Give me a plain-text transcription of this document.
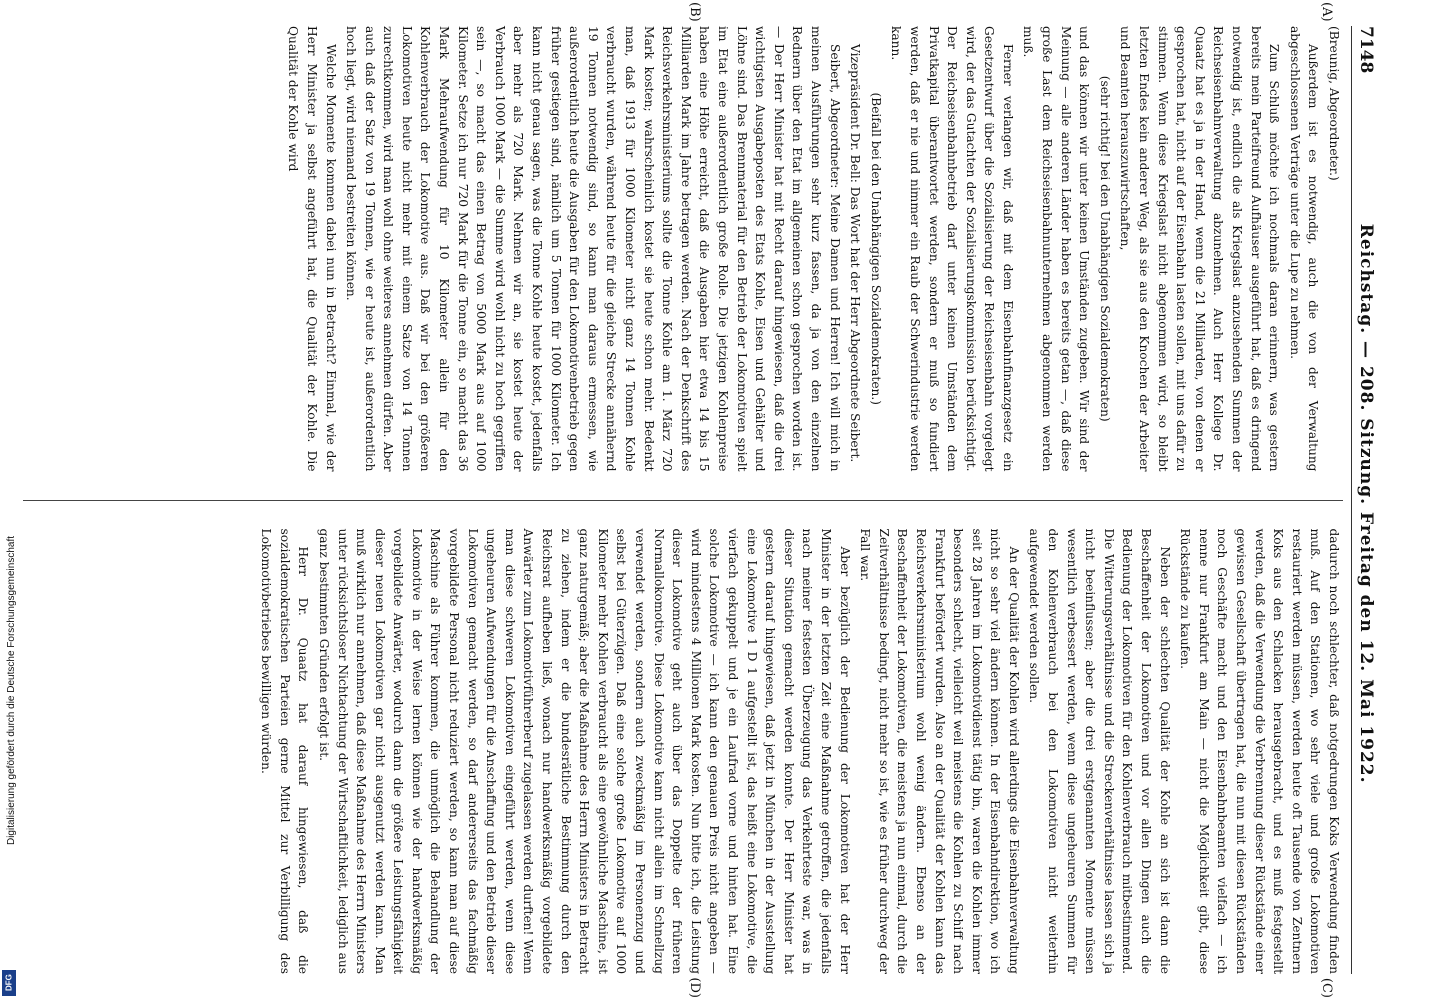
7148
Reichstag. — 208. Sitzung. Freitag den 12. Mai 1922.
(A)
(B)

(Breunig, Abgeordneter.)

Außerdem ist es notwendig, auch die von der Verwaltung abgeschlossenen Verträge unter die Lupe zu nehmen.

Zum Schluß möchte ich nochmals daran erinnern, was gestern bereits mein Parteifreund Aufhäuser ausgeführt hat, daß es dringend notwendig ist, endlich die als Kriegslast anzusehenden Summen der Reichseisenbahnverwaltung abzunehmen. Auch Herr Kollege Dr. Quaatz hat es ja in der Hand, wenn die 21 Milliarden, von denen er gesprochen hat, nicht auf der Eisenbahn lasten sollen, mit uns dafür zu stimmen. Wenn diese Kriegslast nicht abgenommen wird, so bleibt letzten Endes kein anderer Weg, als sie aus den Knochen der Arbeiter und Beamten herauszuwirtschaften,

(sehr richtig! bei den Unabhängigen Sozialdemokraten)

und das können wir unter keinen Umständen zugeben. Wir sind der Meinung — alle anderen Länder haben es bereits getan —, daß diese große Last dem Reichseisenbahnunternehmen abgenommen werden muß.

Ferner verlangen wir, daß mit dem Eisenbahnfinanzgesetz ein Gesetzentwurf über die Sozialisierung der Reichseisenbahn vorgelegt wird, der das Gutachten der Sozialisierungskommission berücksichtigt. Der Reichseisenbahnbetrieb darf unter keinen Umständen dem Privatkapital überantwortet werden, sondern er muß so fundiert werden, daß er nie und nimmer ein Raub der Schwerindustrie werden kann.

(Beifall bei den Unabhängigen Sozialdemokraten.)

Vizepräsident Dr. Bell: Das Wort hat der Herr Abgeordnete Seibert.

Seibert, Abgeordneter: Meine Damen und Herren! Ich will mich in meinen Ausführungen sehr kurz fassen, da ja von den einzelnen Rednern über den Etat im allgemeinen schon gesprochen worden ist. — Der Herr Minister hat mit Recht darauf hingewiesen, daß die drei wichtigsten Ausgabeposten des Etats Kohle, Eisen und Gehälter und Löhne sind. Das Brennmaterial für den Betrieb der Lokomotiven spielt im Etat eine außerordentlich große Rolle. Die jetzigen Kohlenpreise haben eine Höhe erreicht, daß die Ausgaben hier etwa 14 bis 15 Milliarden Mark im Jahre betragen werden. Nach der Denkschrift des Reichsverkehrsministeriums sollte die Tonne Kohle am 1. März 720 Mark kosten; wahrscheinlich kostet sie heute schon mehr. Bedenkt man, daß 1913 für 1000 Kilometer nicht ganz 14 Tonnen Kohle verbraucht wurden, während heute für die gleiche Strecke annähernd 19 Tonnen notwendig sind, so kann man daraus ermessen, wie außerordentlich heute die Ausgaben für den Lokomotivenbetrieb gegen früher gestiegen sind, nämlich um 5 Tonnen für 1000 Kilometer. Ich kann nicht genau sagen, was die Tonne Kohle heute kostet, jedenfalls aber mehr als 720 Mark. Nehmen wir an, sie kostet heute der Verbrauch 1000 Mark — die Summe wird wohl nicht zu hoch gegriffen sein —, so macht das einen Betrag von 5000 Mark aus auf 1000 Kilometer. Setze ich nur 720 Mark für die Tonne ein, so macht das 36 Mark Mehraufwendung für 10 Kilometer allein für den Kohlenverbrauch der Lokomotive aus. Daß wir bei den größeren Lokomotiven heute nicht mehr mit einem Satze von 14 Tonnen zurechtkommen, wird man wohl ohne weiteres annehmen dürfen. Aber auch daß der Satz von 19 Tonnen, wie er heute ist, außerordentlich hoch liegt, wird niemand bestreiten können.

Welche Momente kommen dabei nun in Betracht? Einmal, wie der Herr Minister ja selbst angeführt hat, die Qualität der Kohle. Die Qualität der Kohle wird

(C)
(D)

dadurch noch schlechter, daß notgedrungen Koks Verwendung finden muß. Auf den Stationen, wo sehr viele und große Lokomotiven restauriert werden müssen, werden heute oft Tausende von Zentnern Koks aus den Schlacken herausgebracht, und es muß festgestellt werden, daß die Verwendung die Verbrennung dieser Rückstände einer gewissen Gesellschaft übertragen hat, die nun mit diesen Rückständen noch Geschäfte macht und den Eisenbahnbeamten vielfach — ich nenne nur Frankfurt am Main — nicht die Möglichkeit gibt, diese Rückstände zu kaufen.

Neben der schlechten Qualität der Kohle an sich ist dann die Beschaffenheit der Lokomotiven und vor allen Dingen auch die Bedienung der Lokomotiven für den Kohlenverbrauch mitbestimmend. Die Witterungsverhältnisse und die Streckenverhältnisse lassen sich ja nicht beeinflussen; aber die drei erstgenannten Momente müssen wesentlich verbessert werden, wenn diese ungeheuren Summen für den Kohlenverbrauch bei den Lokomotiven nicht weiterhin aufgewendet werden sollen.

An der Qualität der Kohlen wird allerdings die Eisenbahnverwaltung nicht so sehr viel ändern können. In der Eisenbahndirektion, wo ich seit 28 Jahren im Lokomotivdienst tätig bin, waren die Kohlen immer besonders schlecht, vielleicht weil meistens die Kohlen zu Schiff nach Frankfurt befördert wurden. Also an der Qualität der Kohlen kann das Reichsverkehrsministerium wohl wenig ändern. Ebenso an der Beschaffenheit der Lokomotiven, die meistens ja nun einmal, durch die Zeitverhältnisse bedingt, nicht mehr so ist, wie es früher durchweg der Fall war.

Aber bezüglich der Bedienung der Lokomotiven hat der Herr Minister in der letzten Zeit eine Maßnahme getroffen, die jedenfalls nach meiner festesten Überzeugung das Verkehrteste war, was in dieser Situation gemacht werden konnte. Der Herr Minister hat gestern darauf hingewiesen, daß jetzt in München in der Ausstellung eine Lokomotive 1 D 1 aufgestellt ist, das heißt eine Lokomotive, die vierfach gekuppelt und je ein Laufrad vorne und hinten hat. Eine solche Lokomotive — ich kann den genauen Preis nicht angeben — wird mindestens 4 Millionen Mark kosten. Nun bitte ich, die Leistung dieser Lokomotive geht auch über das Doppelte der früheren Normallokomotive. Diese Lokomotive kann nicht allein im Schnellzug verwendet werden, sondern auch zweckmäßig im Personenzug und selbst bei Güterzügen. Daß eine solche große Lokomotive auf 1000 Kilometer mehr Kohlen verbraucht als eine gewöhnliche Maschine, ist ganz naturgemäß; aber die Maßnahme des Herrn Ministers in Betracht zu ziehen, indem er die bundesrätliche Bestimmung durch den Reichsrat aufheben ließ, wonach nur handwerksmäßig vorgebildete Anwärter zum Lokomotivführerberuf zugelassen werden durften! Wenn man diese schweren Lokomotiven eingeführt werden, wenn diese ungeheuren Aufwendungen für die Anschaffung und den Betrieb dieser Lokomotiven gemacht werden, so darf andererseits das fachmäßig vorgebildete Personal nicht reduziert werden, so kann man auf diese Maschine als Führer kommen, die unmöglich die Behandlung der Lokomotive in der Weise lernen können wie der handwerksmäßig vorgebildete Anwärter, wodurch dann die größere Leistungsfähigkeit dieser neuen Lokomotiven gar nicht ausgenutzt werden kann. Man muß wirklich nur annehmen, daß diese Maßnahme des Herrn Ministers unter rücksichtsloser Nichtachtung der Wirtschaftlichkeit, lediglich aus ganz bestimmten Gründen erfolgt ist.

Herr Dr. Quaatz hat darauf hingewiesen, daß die sozialdemokratischen Parteien gerne Mittel zur Verbilligung des Lokomotivbetriebes bewilligen würden.

Digitalisierung gefördert durch die Deutsche Forschungsgemeinschaft
DFG
